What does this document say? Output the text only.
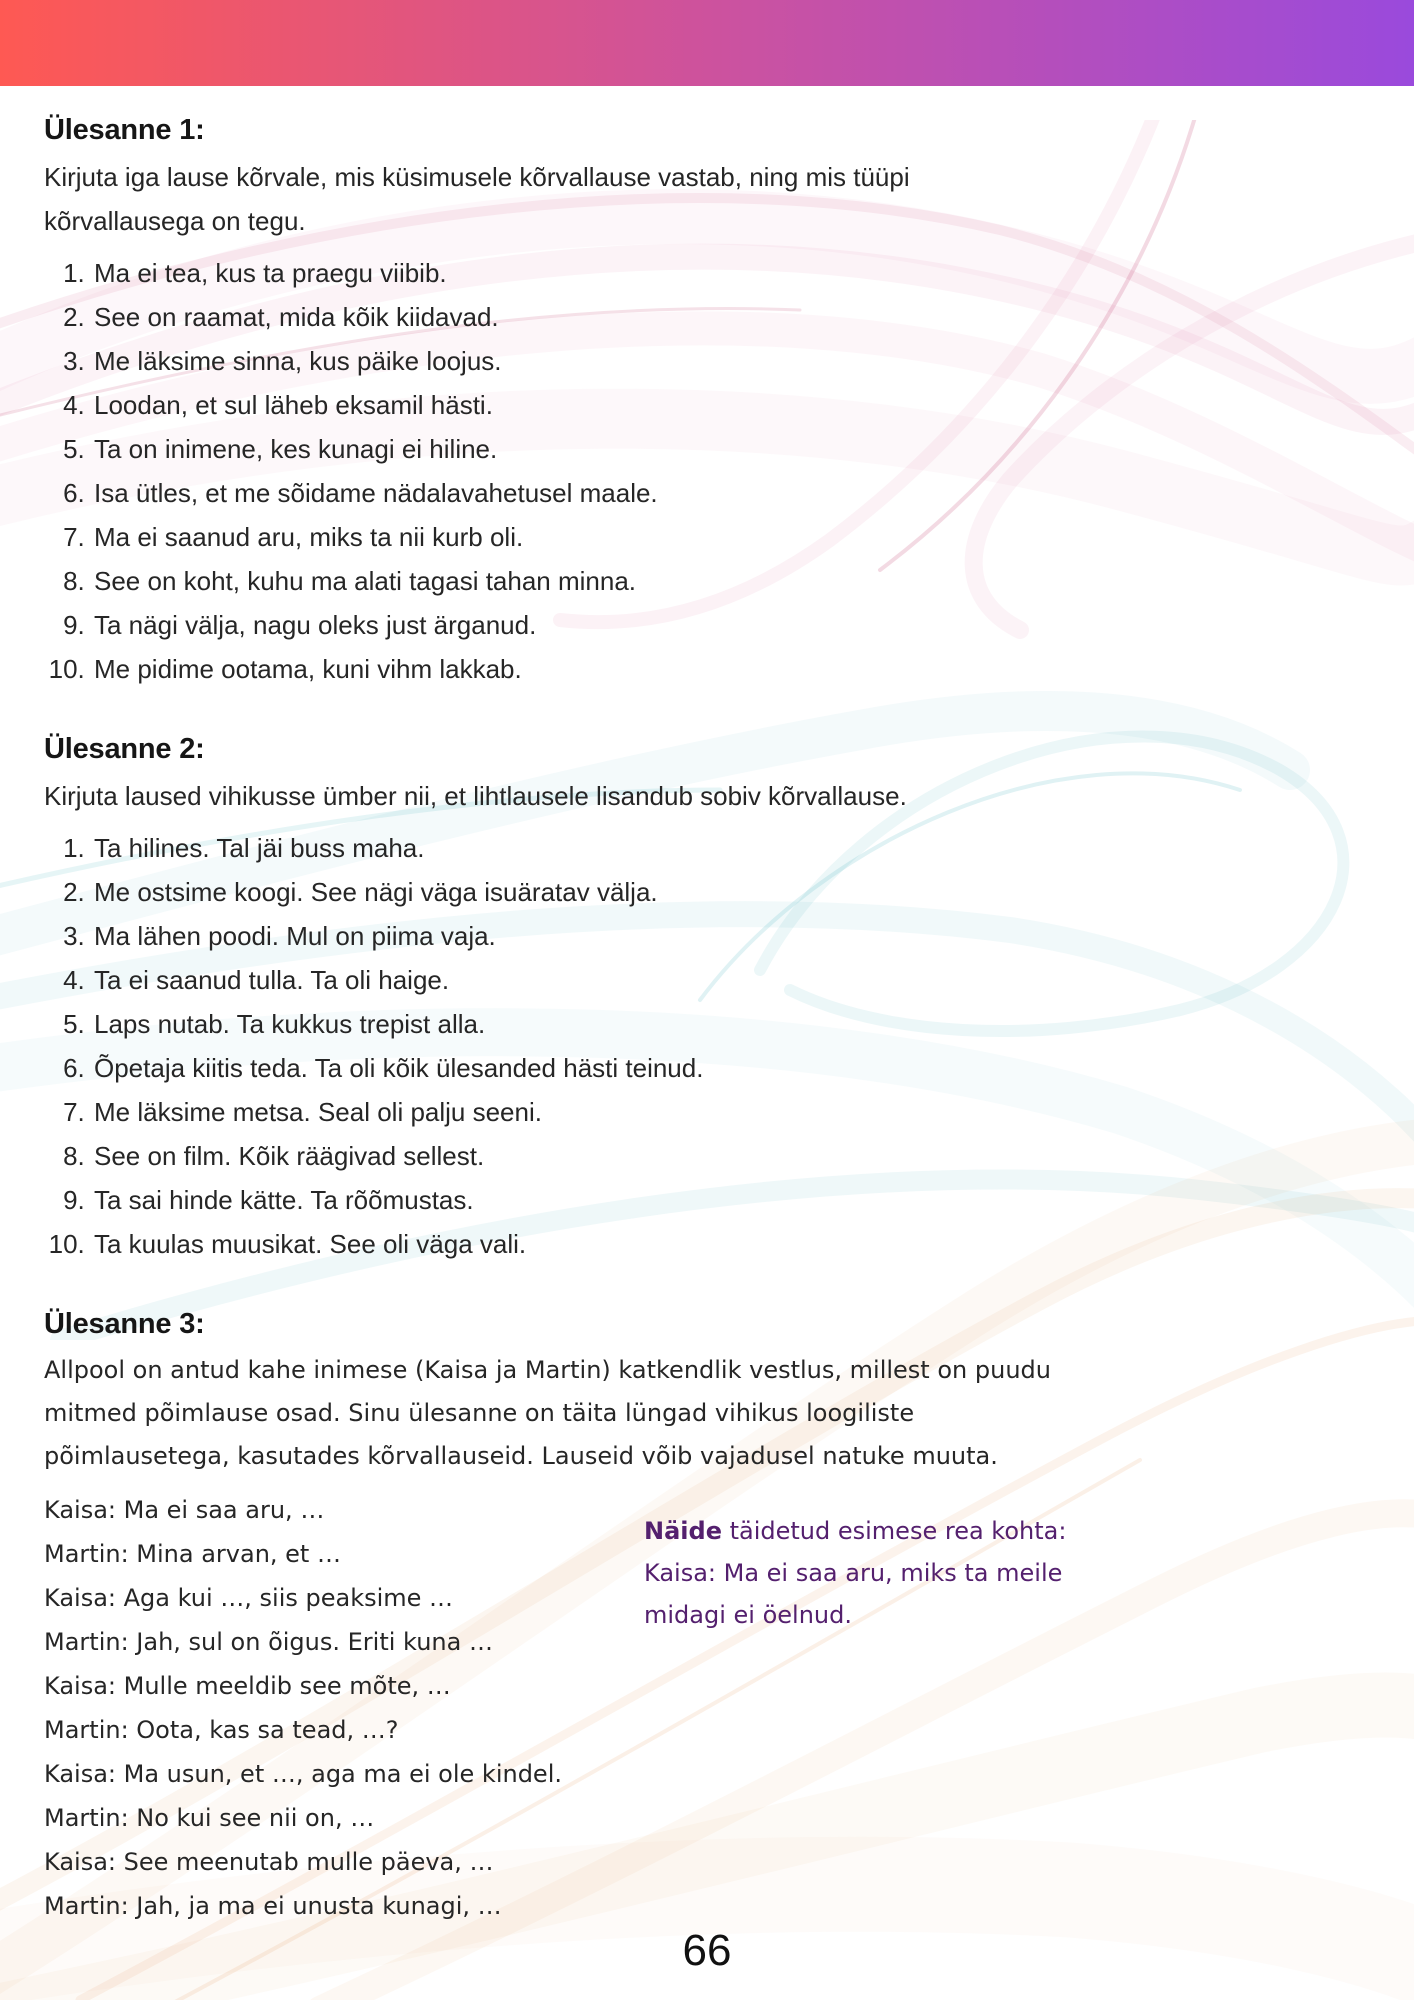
Ülesanne 1:
Kirjuta iga lause kõrvale, mis küsimusele kõrvallause vastab, ning mis tüüpi
kõrvallausega on tegu.
1. Ma ei tea, kus ta praegu viibib.
2. See on raamat, mida kõik kiidavad.
3. Me läksime sinna, kus päike loojus.
4. Loodan, et sul läheb eksamil hästi.
5. Ta on inimene, kes kunagi ei hiline.
6. Isa ütles, et me sõidame nädalavahetusel maale.
7. Ma ei saanud aru, miks ta nii kurb oli.
8. See on koht, kuhu ma alati tagasi tahan minna.
9. Ta nägi välja, nagu oleks just ärganud.
10. Me pidime ootama, kuni vihm lakkab.
Ülesanne 2:
Kirjuta laused vihikusse ümber nii, et lihtlausele lisandub sobiv kõrvallause.
1. Ta hilines. Tal jäi buss maha.
2. Me ostsime koogi. See nägi väga isuäratav välja.
3. Ma lähen poodi. Mul on piima vaja.
4. Ta ei saanud tulla. Ta oli haige.
5. Laps nutab. Ta kukkus trepist alla.
6. Õpetaja kiitis teda. Ta oli kõik ülesanded hästi teinud.
7. Me läksime metsa. Seal oli palju seeni.
8. See on film. Kõik räägivad sellest.
9. Ta sai hinde kätte. Ta rõõmustas.
10. Ta kuulas muusikat. See oli väga vali.
Ülesanne 3:
Allpool on antud kahe inimese (Kaisa ja Martin) katkendlik vestlus, millest on puudu
mitmed põimlause osad. Sinu ülesanne on täita lüngad vihikus loogiliste
põimlausetega, kasutades kõrvallauseid. Lauseid võib vajadusel natuke muuta.
Kaisa: Ma ei saa aru, …
Martin: Mina arvan, et …
Kaisa: Aga kui …, siis peaksime …
Martin: Jah, sul on õigus. Eriti kuna …
Kaisa: Mulle meeldib see mõte, …
Martin: Oota, kas sa tead, …?
Kaisa: Ma usun, et …, aga ma ei ole kindel.
Martin: No kui see nii on, …
Kaisa: See meenutab mulle päeva, …
Martin: Jah, ja ma ei unusta kunagi, …
Näide täidetud esimese rea kohta:
Kaisa: Ma ei saa aru, miks ta meile midagi ei öelnud.
66
